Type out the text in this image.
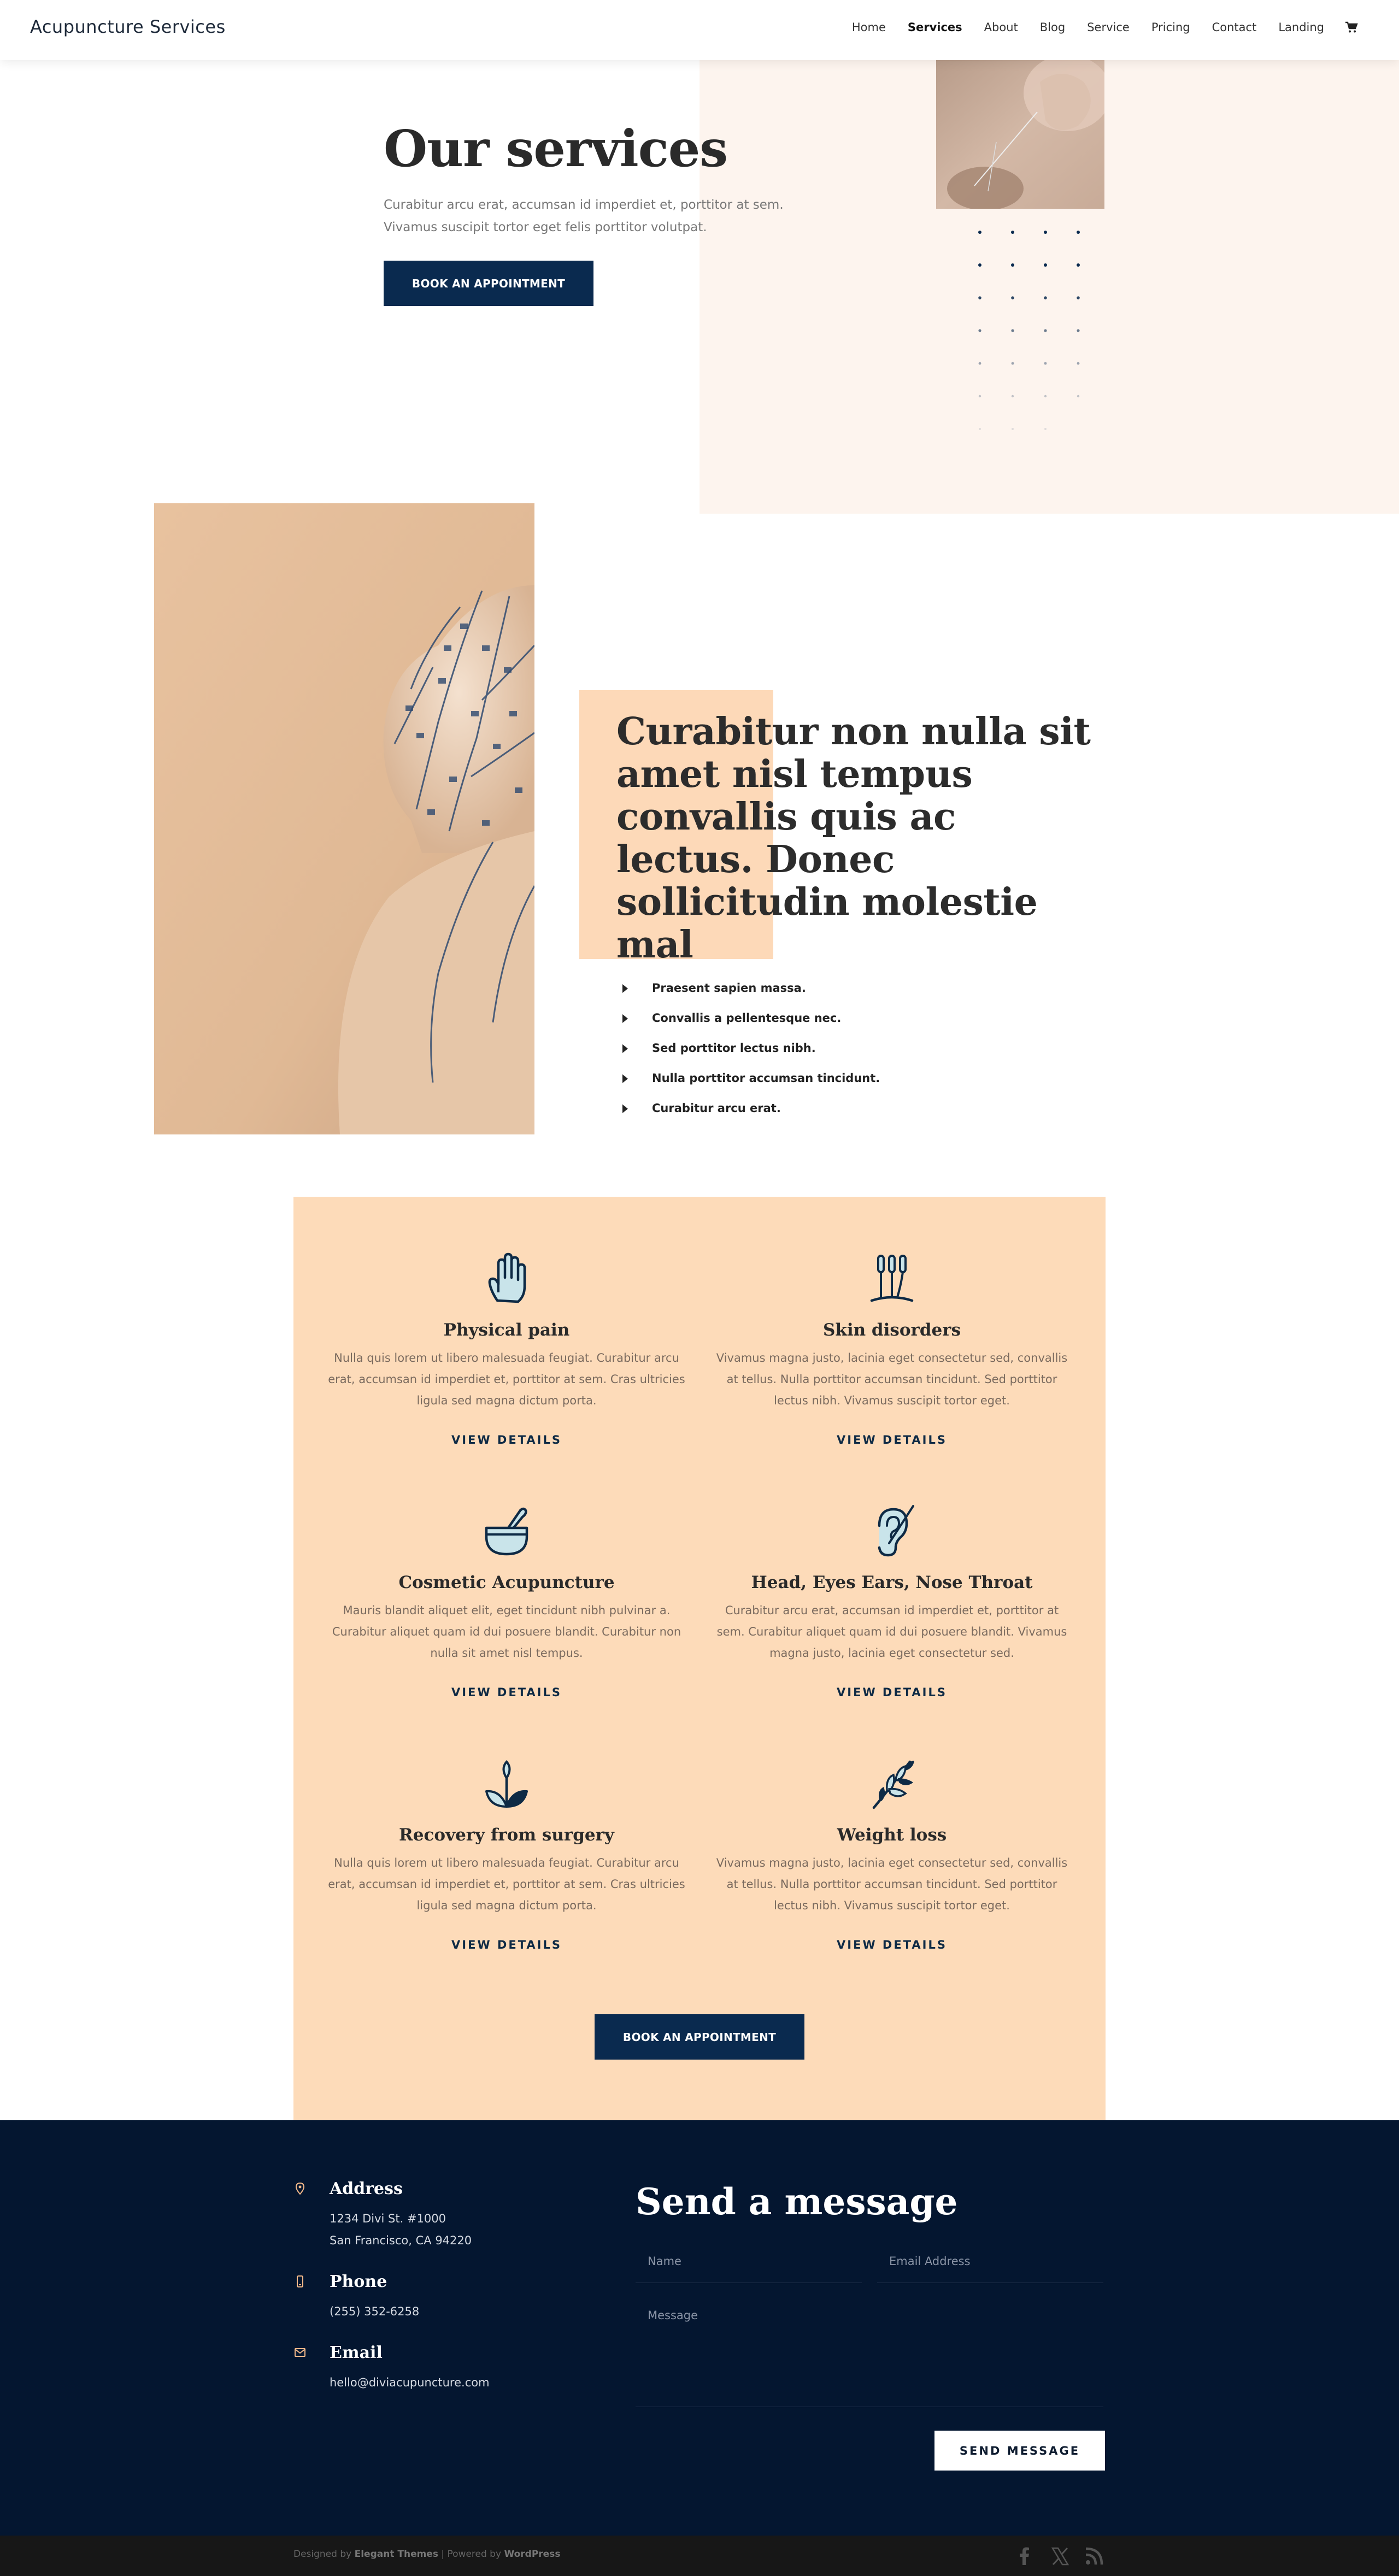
Acupuncture Services	Home Services About Blog Service Pricing Contact Landing
Our services
Curabitur arcu erat, accumsan id imperdiet et, porttitor at sem.
Vivamus suscipit tortor eget felis porttitor volutpat.
BOOK AN APPOINTMENT
Curabitur non nulla sit amet nisl tempus convallis quis ac lectus. Donec sollicitudin molestie mal
Praesent sapien massa.
Convallis a pellentesque nec.
Sed porttitor lectus nibh.
Nulla porttitor accumsan tincidunt.
Curabitur arcu erat.
Physical pain
Nulla quis lorem ut libero malesuada feugiat. Curabitur arcu erat, accumsan id imperdiet et, porttitor at sem. Cras ultricies ligula sed magna dictum porta.
VIEW DETAILS
Skin disorders
Vivamus magna justo, lacinia eget consectetur sed, convallis at tellus. Nulla porttitor accumsan tincidunt. Sed porttitor lectus nibh. Vivamus suscipit tortor eget.
VIEW DETAILS
Cosmetic Acupuncture
Mauris blandit aliquet elit, eget tincidunt nibh pulvinar a. Curabitur aliquet quam id dui posuere blandit. Curabitur non nulla sit amet nisl tempus.
VIEW DETAILS
Head, Eyes Ears, Nose Throat
Curabitur arcu erat, accumsan id imperdiet et, porttitor at sem. Curabitur aliquet quam id dui posuere blandit. Vivamus magna justo, lacinia eget consectetur sed.
VIEW DETAILS
Recovery from surgery
Nulla quis lorem ut libero malesuada feugiat. Curabitur arcu erat, accumsan id imperdiet et, porttitor at sem. Cras ultricies ligula sed magna dictum porta.
VIEW DETAILS
Weight loss
Vivamus magna justo, lacinia eget consectetur sed, convallis at tellus. Nulla porttitor accumsan tincidunt. Sed porttitor lectus nibh. Vivamus suscipit tortor eget.
VIEW DETAILS
BOOK AN APPOINTMENT
Address
1234 Divi St. #1000
San Francisco, CA 94220
Phone
(255) 352-6258
Email
hello@diviacupuncture.com
Send a message
Name
Email Address
Message
SEND MESSAGE
Designed by Elegant Themes | Powered by WordPress
